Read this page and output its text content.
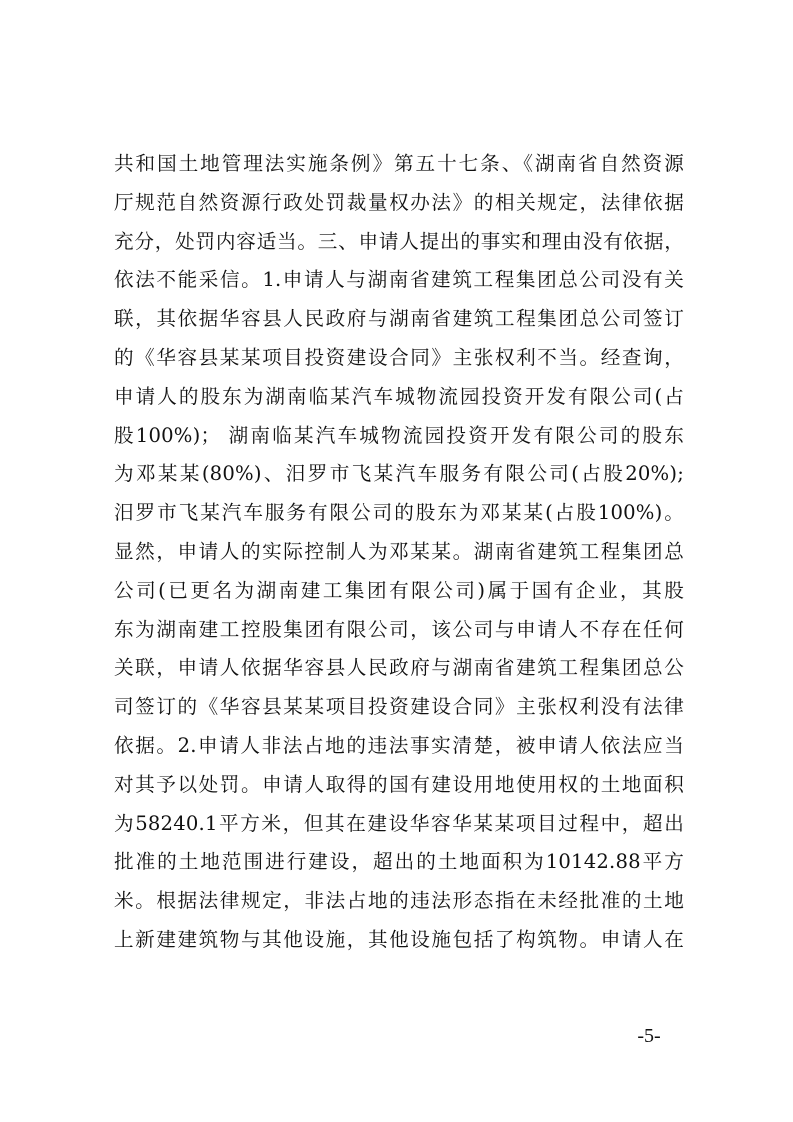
共和国土地管理法实施条例》第五十七条、《湖南省自然资源
厅规范自然资源行政处罚裁量权办法》的相关规定，法律依据
充分，处罚内容适当。三、申请人提出的事实和理由没有依据，
依法不能采信。1.申请人与湖南省建筑工程集团总公司没有关
联，其依据华容县人民政府与湖南省建筑工程集团总公司签订
的《华容县某某项目投资建设合同》主张权利不当。经查询，
申请人的股东为湖南临某汽车城物流园投资开发有限公司(占
股100%)； 湖南临某汽车城物流园投资开发有限公司的股东
为邓某某(80%)、汨罗市飞某汽车服务有限公司(占股20%);
汨罗市飞某汽车服务有限公司的股东为邓某某(占股100%)。
显然，申请人的实际控制人为邓某某。湖南省建筑工程集团总
公司(已更名为湖南建工集团有限公司)属于国有企业，其股
东为湖南建工控股集团有限公司，该公司与申请人不存在任何
关联，申请人依据华容县人民政府与湖南省建筑工程集团总公
司签订的《华容县某某项目投资建设合同》主张权利没有法律
依据。2.申请人非法占地的违法事实清楚，被申请人依法应当
对其予以处罚。申请人取得的国有建设用地使用权的土地面积
为58240.1平方米，但其在建设华容华某某项目过程中，超出
批准的土地范围进行建设，超出的土地面积为10142.88平方
米。根据法律规定，非法占地的违法形态指在未经批准的土地
上新建建筑物与其他设施，其他设施包括了构筑物。申请人在
-5-
